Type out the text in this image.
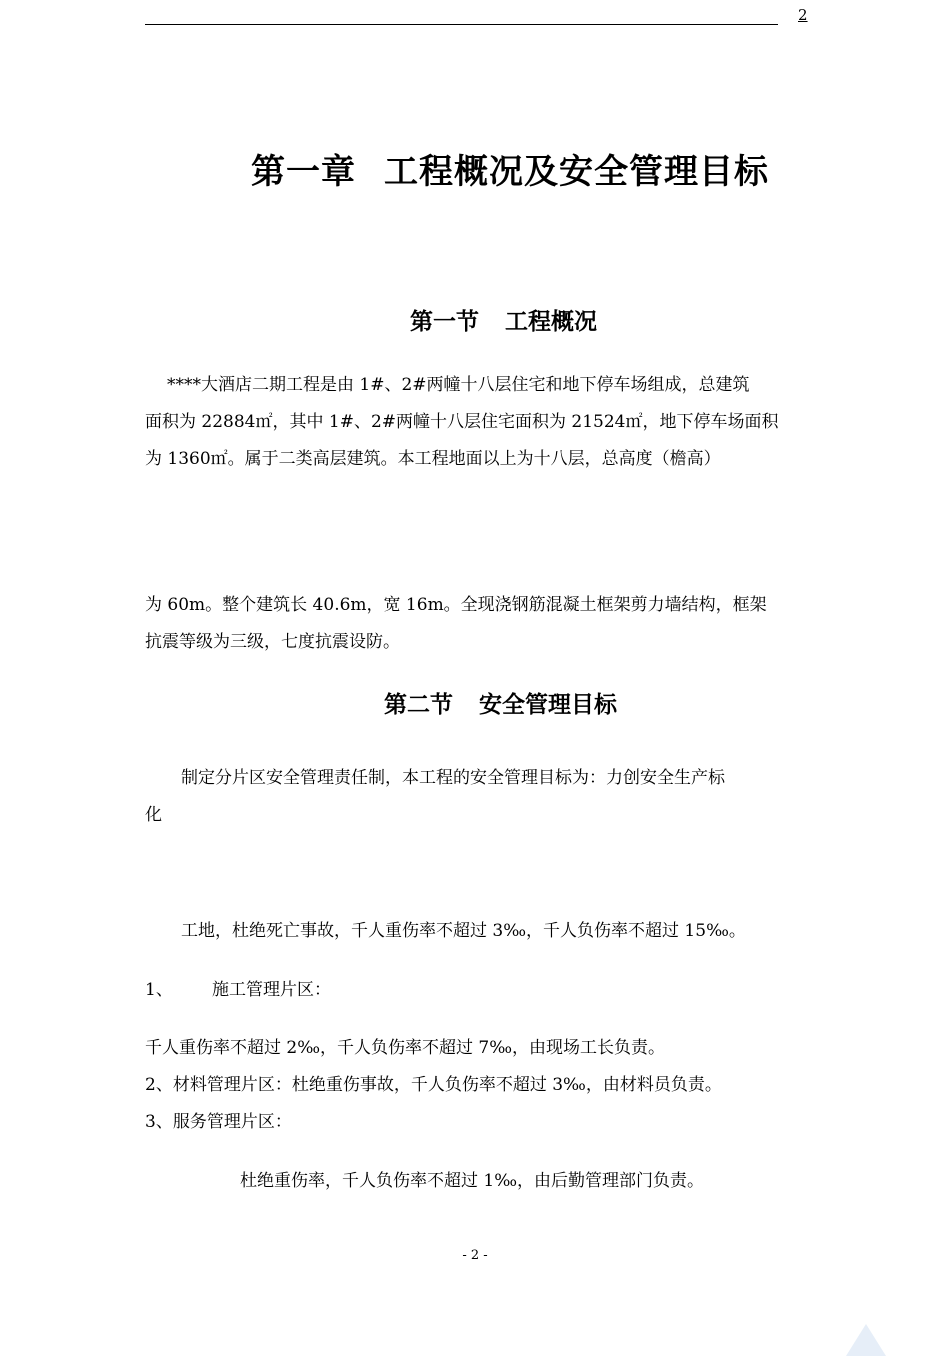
2
第一章 工程概况及安全管理目标
第一节 工程概况
****大酒店二期工程是由 1#、2#两幢十八层住宅和地下停车场组成，总建筑
面积为 22884㎡，其中 1#、2#两幢十八层住宅面积为 21524㎡，地下停车场面积
为 1360㎡。属于二类高层建筑。本工程地面以上为十八层，总高度（檐高）
为 60m。整个建筑长 40.6m，宽 16m。全现浇钢筋混凝土框架剪力墙结构，框架
抗震等级为三级，七度抗震设防。
第二节 安全管理目标
制定分片区安全管理责任制，本工程的安全管理目标为：力创安全生产标
化
工地，杜绝死亡事故，千人重伤率不超过 3‰，千人负伤率不超过 15‰。
1、 施工管理片区：
千人重伤率不超过 2‰，千人负伤率不超过 7‰，由现场工长负责。
2、材料管理片区：杜绝重伤事故，千人负伤率不超过 3‰，由材料员负责。
3、服务管理片区：
杜绝重伤率，千人负伤率不超过 1‰，由后勤管理部门负责。
- 2 -
